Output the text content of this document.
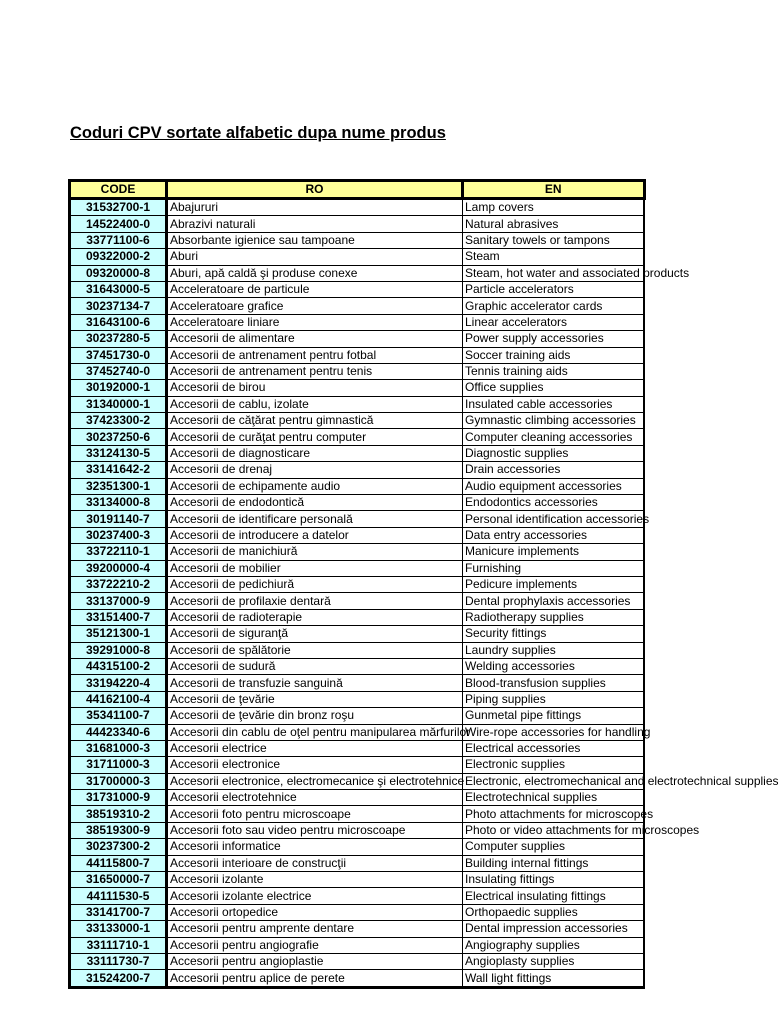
Coduri CPV sortate alfabetic dupa nume produs
CODE	RO	EN
31532700-1	Abajururi	Lamp covers

14522400-0	Abrazivi naturali	Natural abrasives

33771100-6	Absorbante igienice sau tampoane	Sanitary towels or tampons

09322000-2	Aburi	Steam

09320000-8	Aburi, apă caldă şi produse conexe	Steam, hot water and associated products

31643000-5	Acceleratoare de particule	Particle accelerators

30237134-7	Acceleratoare grafice	Graphic accelerator cards

31643100-6	Acceleratoare liniare	Linear accelerators

30237280-5	Accesorii de alimentare	Power supply accessories

37451730-0	Accesorii de antrenament pentru fotbal	Soccer training aids

37452740-0	Accesorii de antrenament pentru tenis	Tennis training aids

30192000-1	Accesorii de birou	Office supplies

31340000-1	Accesorii de cablu, izolate	Insulated cable accessories

37423300-2	Accesorii de căţărat pentru gimnastică	Gymnastic climbing accessories

30237250-6	Accesorii de curăţat pentru computer	Computer cleaning accessories

33124130-5	Accesorii de diagnosticare	Diagnostic supplies

33141642-2	Accesorii de drenaj	Drain accessories

32351300-1	Accesorii de echipamente audio	Audio equipment accessories

33134000-8	Accesorii de endodontică	Endodontics accessories

30191140-7	Accesorii de identificare personală	Personal identification accessories

30237400-3	Accesorii de introducere a datelor	Data entry accessories

33722110-1	Accesorii de manichiură	Manicure implements

39200000-4	Accesorii de mobilier	Furnishing

33722210-2	Accesorii de pedichiură	Pedicure implements

33137000-9	Accesorii de profilaxie dentară	Dental prophylaxis accessories

33151400-7	Accesorii de radioterapie	Radiotherapy supplies

35121300-1	Accesorii de siguranţă	Security fittings

39291000-8	Accesorii de spălătorie	Laundry supplies

44315100-2	Accesorii de sudură	Welding accessories

33194220-4	Accesorii de transfuzie sanguină	Blood-transfusion supplies

44162100-4	Accesorii de ţevărie	Piping supplies

35341100-7	Accesorii de ţevărie din bronz roşu	Gunmetal pipe fittings

44423340-6	Accesorii din cablu de oţel pentru manipularea mărfurilor	Wire-rope accessories for handling

31681000-3	Accesorii electrice	Electrical accessories

31711000-3	Accesorii electronice	Electronic supplies

31700000-3	Accesorii electronice, electromecanice şi electrotehnice	Electronic, electromechanical and electrotechnical supplies

31731000-9	Accesorii electrotehnice	Electrotechnical supplies

38519310-2	Accesorii foto pentru microscoape	Photo attachments for microscopes

38519300-9	Accesorii foto sau video pentru microscoape	Photo or video attachments for microscopes

30237300-2	Accesorii informatice	Computer supplies

44115800-7	Accesorii interioare de construcţii	Building internal fittings

31650000-7	Accesorii izolante	Insulating fittings

44111530-5	Accesorii izolante electrice	Electrical insulating fittings

33141700-7	Accesorii ortopedice	Orthopaedic supplies

33133000-1	Accesorii pentru amprente dentare	Dental impression accessories

33111710-1	Accesorii pentru angiografie	Angiography supplies

33111730-7	Accesorii pentru angioplastie	Angioplasty supplies

31524200-7	Accesorii pentru aplice de perete	Wall light fittings
